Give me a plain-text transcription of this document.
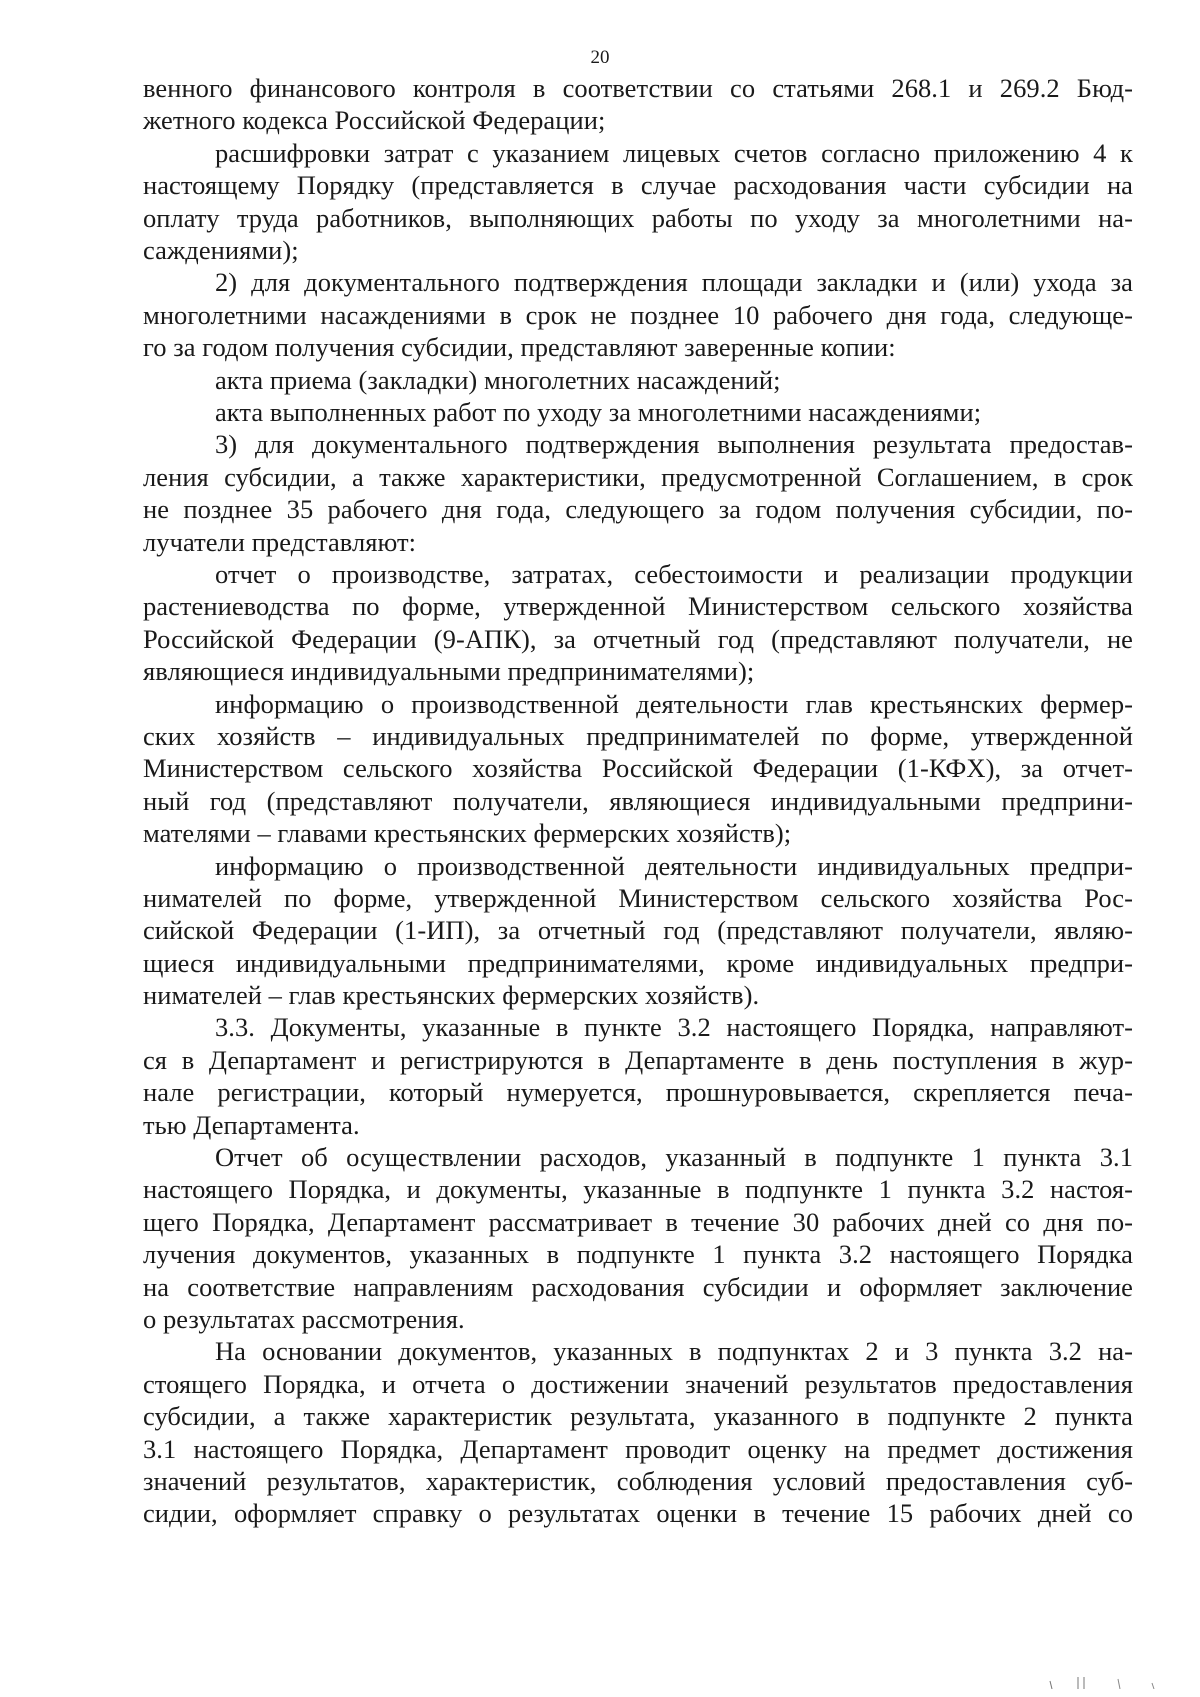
20
венного финансового контроля в соответствии со статьями 268.1 и 269.2 Бюд-
жетного кодекса Российской Федерации;
расшифровки затрат с указанием лицевых счетов согласно приложению 4 к
настоящему Порядку (представляется в случае расходования части субсидии на
оплату труда работников, выполняющих работы по уходу за многолетними на-
саждениями);
2) для документального подтверждения площади закладки и (или) ухода за
многолетними насаждениями в срок не позднее 10 рабочего дня года, следующе-
го за годом получения субсидии, представляют заверенные копии:
акта приема (закладки) многолетних насаждений;
акта выполненных работ по уходу за многолетними насаждениями;
3) для документального подтверждения выполнения результата предостав-
ления субсидии, а также характеристики, предусмотренной Соглашением, в срок
не позднее 35 рабочего дня года, следующего за годом получения субсидии, по-
лучатели представляют:
отчет о производстве, затратах, себестоимости и реализации продукции
растениеводства по форме, утвержденной Министерством сельского хозяйства
Российской Федерации (9-АПК), за отчетный год (представляют получатели, не
являющиеся индивидуальными предпринимателями);
информацию о производственной деятельности глав крестьянских фермер-
ских хозяйств – индивидуальных предпринимателей по форме, утвержденной
Министерством сельского хозяйства Российской Федерации (1-КФХ), за отчет-
ный год (представляют получатели, являющиеся индивидуальными предприни-
мателями – главами крестьянских фермерских хозяйств);
информацию о производственной деятельности индивидуальных предпри-
нимателей по форме, утвержденной Министерством сельского хозяйства Рос-
сийской Федерации (1-ИП), за отчетный год (представляют получатели, являю-
щиеся индивидуальными предпринимателями, кроме индивидуальных предпри-
нимателей – глав крестьянских фермерских хозяйств).
3.3. Документы, указанные в пункте 3.2 настоящего Порядка, направляют-
ся в Департамент и регистрируются в Департаменте в день поступления в жур-
нале регистрации, который нумеруется, прошнуровывается, скрепляется печа-
тью Департамента.
Отчет об осуществлении расходов, указанный в подпункте 1 пункта 3.1
настоящего Порядка, и документы, указанные в подпункте 1 пункта 3.2 настоя-
щего Порядка, Департамент рассматривает в течение 30 рабочих дней со дня по-
лучения документов, указанных в подпункте 1 пункта 3.2 настоящего Порядка
на соответствие направлениям расходования субсидии и оформляет заключение
о результатах рассмотрения.
На основании документов, указанных в подпунктах 2 и 3 пункта 3.2 на-
стоящего Порядка, и отчета о достижении значений результатов предоставления
субсидии, а также характеристик результата, указанного в подпункте 2 пункта
3.1 настоящего Порядка, Департамент проводит оценку на предмет достижения
значений результатов, характеристик, соблюдения условий предоставления суб-
сидии, оформляет справку о результатах оценки в течение 15 рабочих дней со
